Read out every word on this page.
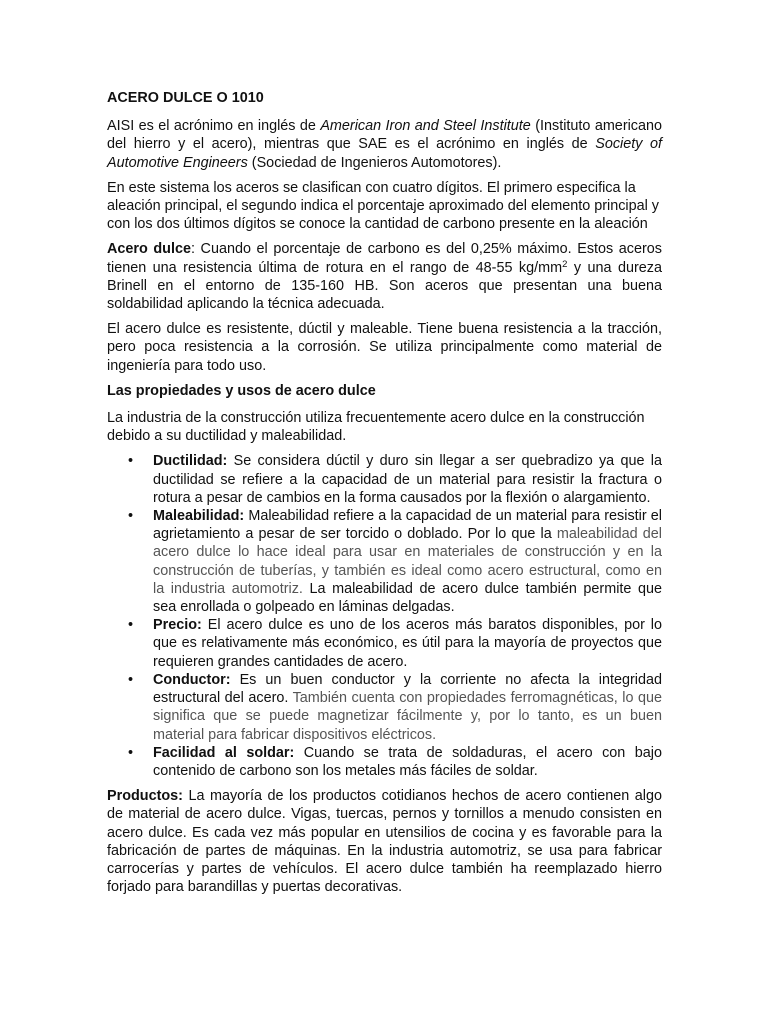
ACERO DULCE O 1010

AISI es el acrónimo en inglés de American Iron and Steel Institute (Instituto americano del hierro y el acero), mientras que SAE es el acrónimo en inglés de Society of Automotive Engineers (Sociedad de Ingenieros Automotores).

En este sistema los aceros se clasifican con cuatro dígitos. El primero especifica la aleación principal, el segundo indica el porcentaje aproximado del elemento principal y con los dos últimos dígitos se conoce la cantidad de carbono presente en la aleación

Acero dulce: Cuando el porcentaje de carbono es del 0,25% máximo. Estos aceros tienen una resistencia última de rotura en el rango de 48-55 $kg/mm^2$ y una dureza Brinell en el entorno de 135-160 HB. Son aceros que presentan una buena soldabilidad aplicando la técnica adecuada.

El acero dulce es resistente, dúctil y maleable. Tiene buena resistencia a la tracción, pero poca resistencia a la corrosión. Se utiliza principalmente como material de ingeniería para todo uso.

Las propiedades y usos de acero dulce

La industria de la construcción utiliza frecuentemente acero dulce en la construcción debido a su ductilidad y maleabilidad.

• Ductilidad: Se considera dúctil y duro sin llegar a ser quebradizo ya que la ductilidad se refiere a la capacidad de un material para resistir la fractura o rotura a pesar de cambios en la forma causados por la flexión o alargamiento.
• Maleabilidad: Maleabilidad refiere a la capacidad de un material para resistir el agrietamiento a pesar de ser torcido o doblado. Por lo que la maleabilidad del acero dulce lo hace ideal para usar en materiales de construcción y en la construcción de tuberías, y también es ideal como acero estructural, como en la industria automotriz. La maleabilidad de acero dulce también permite que sea enrollada o golpeado en láminas delgadas.
• Precio: El acero dulce es uno de los aceros más baratos disponibles, por lo que es relativamente más económico, es útil para la mayoría de proyectos que requieren grandes cantidades de acero.
• Conductor: Es un buen conductor y la corriente no afecta la integridad estructural del acero. También cuenta con propiedades ferromagnéticas, lo que significa que se puede magnetizar fácilmente y, por lo tanto, es un buen material para fabricar dispositivos eléctricos.
• Facilidad al soldar: Cuando se trata de soldaduras, el acero con bajo contenido de carbono son los metales más fáciles de soldar.

Productos: La mayoría de los productos cotidianos hechos de acero contienen algo de material de acero dulce. Vigas, tuercas, pernos y tornillos a menudo consisten en acero dulce. Es cada vez más popular en utensilios de cocina y es favorable para la fabricación de partes de máquinas. En la industria automotriz, se usa para fabricar carrocerías y partes de vehículos. El acero dulce también ha reemplazado hierro forjado para barandillas y puertas decorativas.
